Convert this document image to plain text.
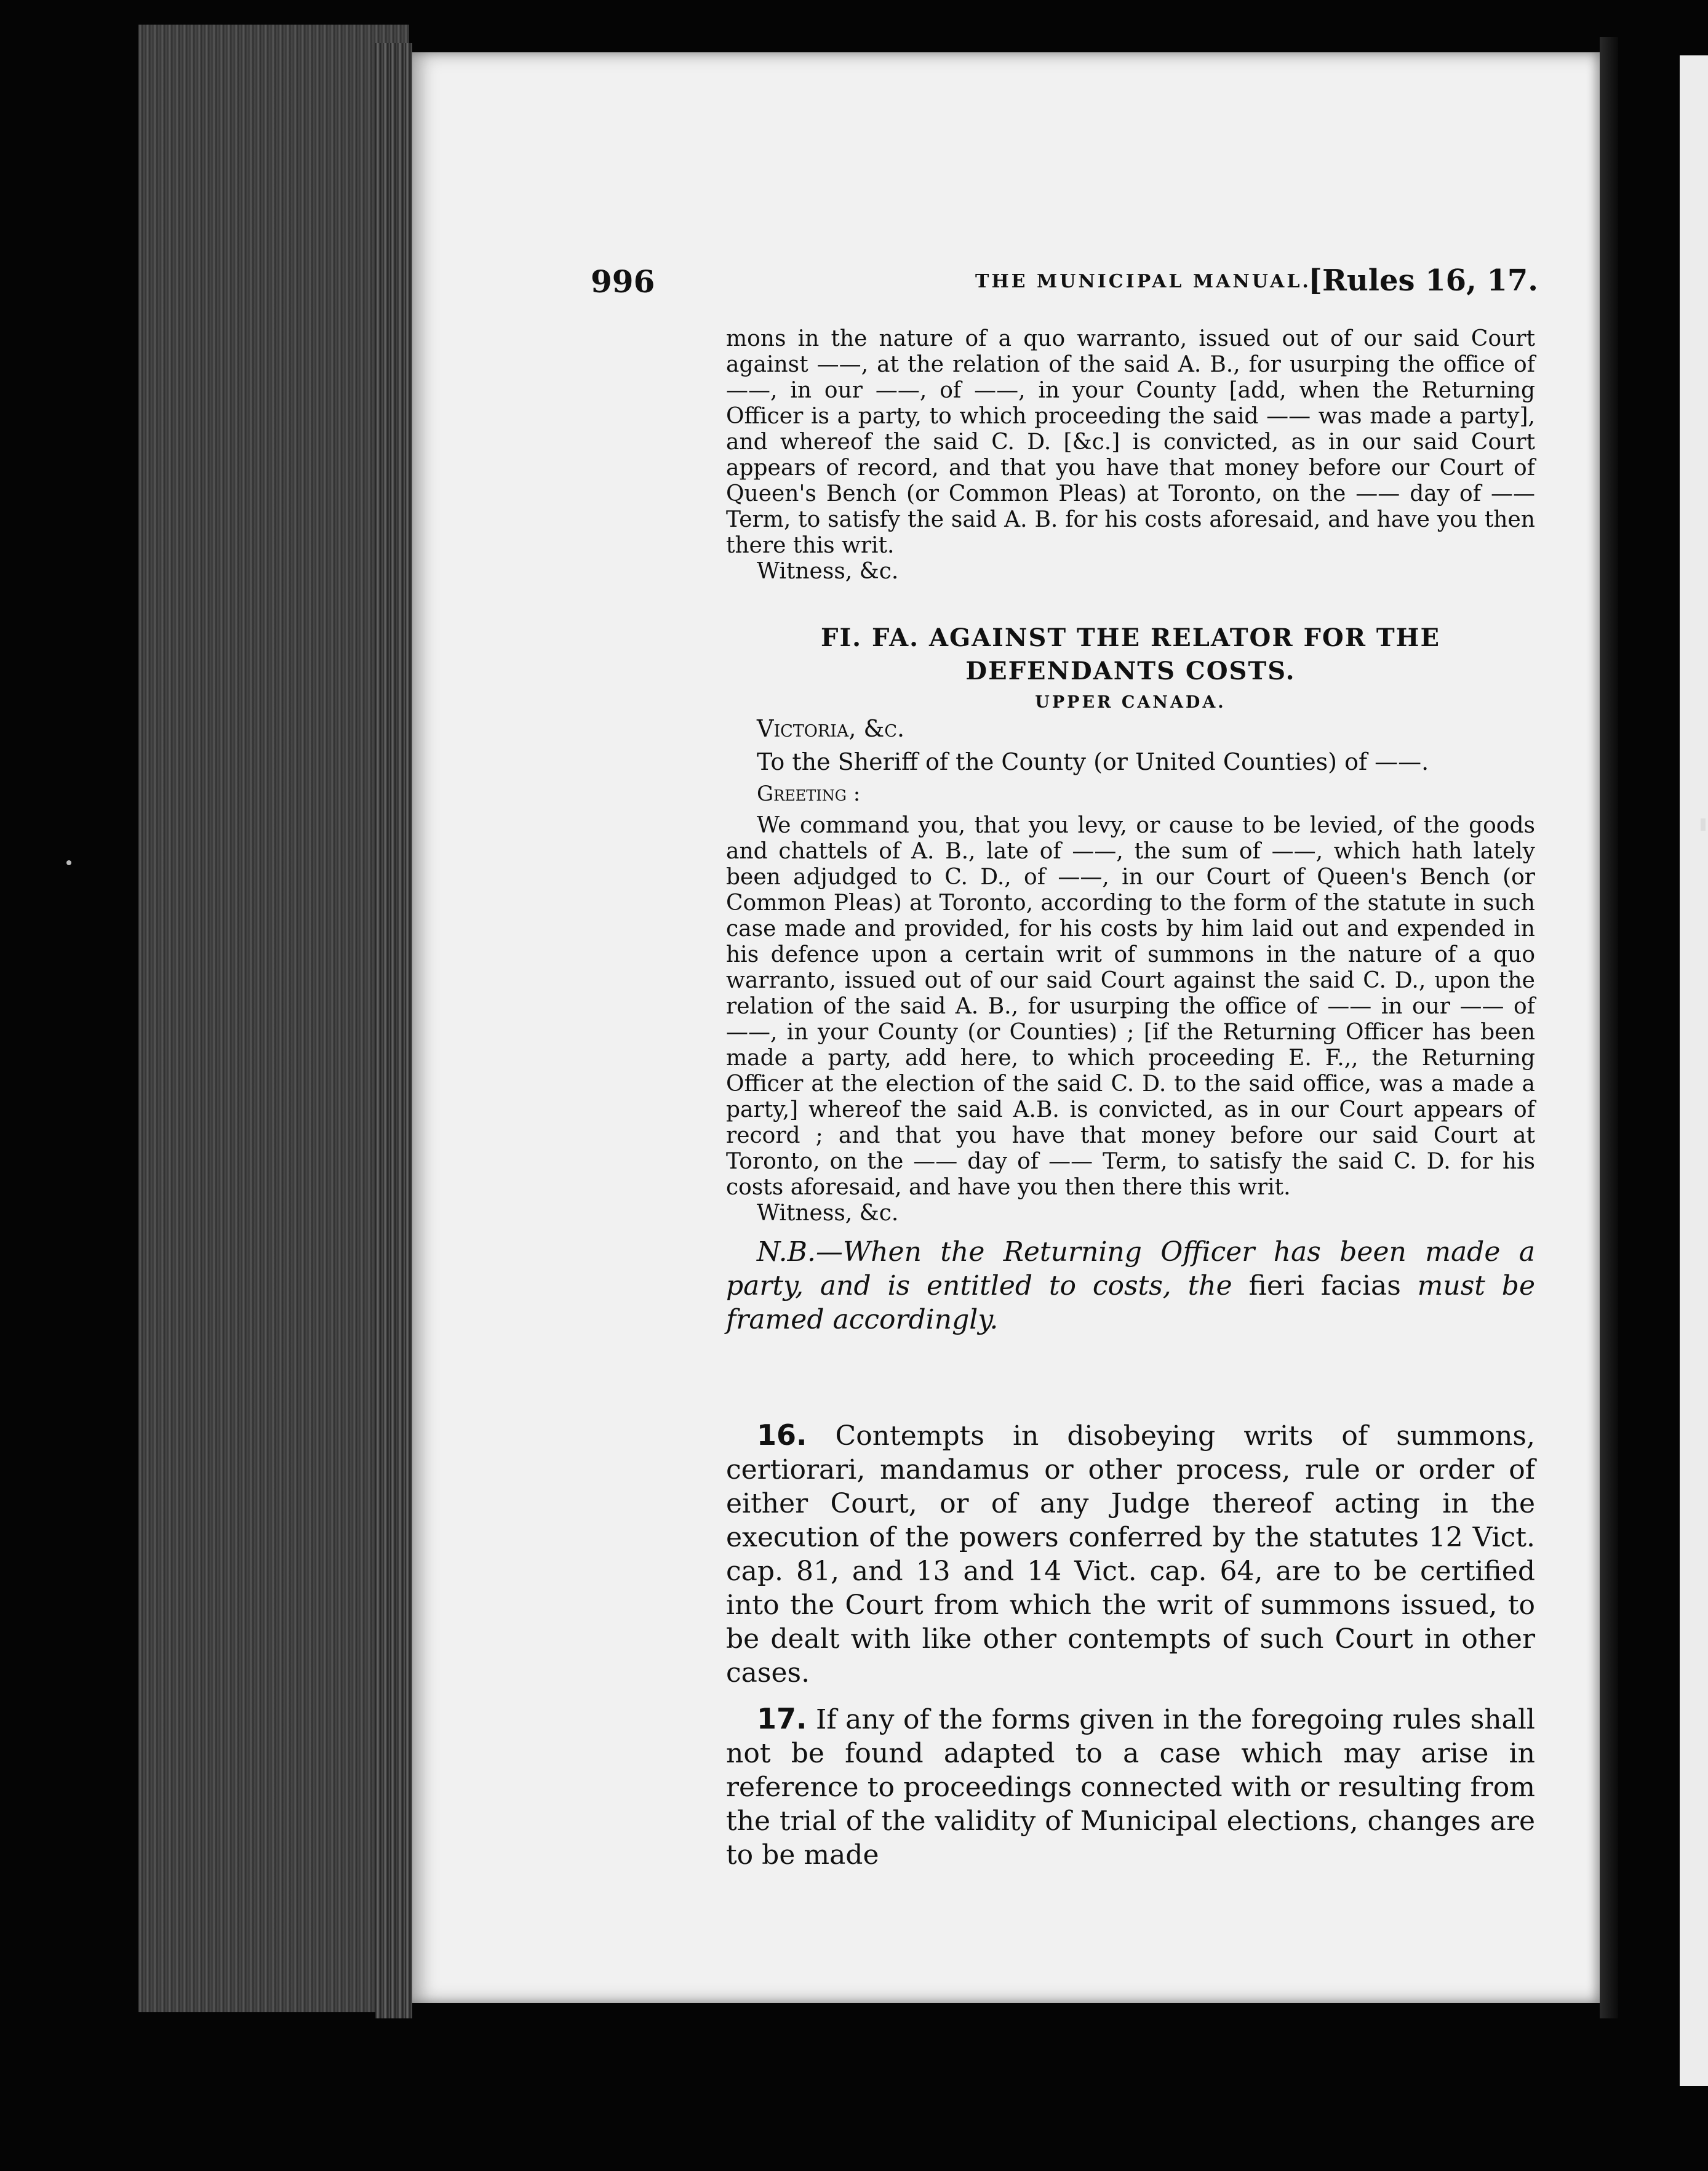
996	THE MUNICIPAL MANUAL.
[Rules 16, 17.

mons in the nature of a quo warranto, issued out of our said Court against ——, at the relation of the said A. B., for usurping the office of ——, in our ——, of ——, in your County [add, when the Returning Officer is a party, to which proceeding the said —— was made a party], and whereof the said C. D. [&c.] is convicted, as in our said Court appears of record, and that you have that money before our Court of Queen's Bench (or Common Pleas) at Toronto, on the —— day of —— Term, to satisfy the said A. B. for his costs aforesaid, and have you then there this writ.

Witness, &c.

FI. FA. AGAINST THE RELATOR FOR THE DEFENDANTS COSTS.
UPPER CANADA.

Victoria, &c.

To the Sheriff of the County (or United Counties) of ——.

Greeting :

We command you, that you levy, or cause to be levied, of the goods and chattels of A. B., late of ——, the sum of ——, which hath lately been adjudged to C. D., of ——, in our Court of Queen's Bench (or Common Pleas) at Toronto, according to the form of the statute in such case made and provided, for his costs by him laid out and expended in his defence upon a certain writ of summons in the nature of a quo warranto, issued out of our said Court against the said C. D., upon the relation of the said A. B., for usurping the office of —— in our —— of ——, in your County (or Counties) ; [if the Returning Officer has been made a party, add here, to which proceeding E. F.,, the Returning Officer at the election of the said C. D. to the said office, was a made a party,] whereof the said A.B. is convicted, as in our Court appears of record ; and that you have that money before our said Court at Toronto, on the —— day of —— Term, to satisfy the said C. D. for his costs aforesaid, and have you then there this writ.

Witness, &c.

N.B.—When the Returning Officer has been made a party, and is entitled to costs, the fieri facias must be framed accordingly.

16. Contempts in disobeying writs of summons, certiorari, mandamus or other process, rule or order of either Court, or of any Judge thereof acting in the execution of the powers conferred by the statutes 12 Vict. cap. 81, and 13 and 14 Vict. cap. 64, are to be certified into the Court from which the writ of summons issued, to be dealt with like other contempts of such Court in other cases.

17. If any of the forms given in the foregoing rules shall not be found adapted to a case which may arise in reference to proceedings connected with or resulting from the trial of the validity of Municipal elections, changes are to be made
